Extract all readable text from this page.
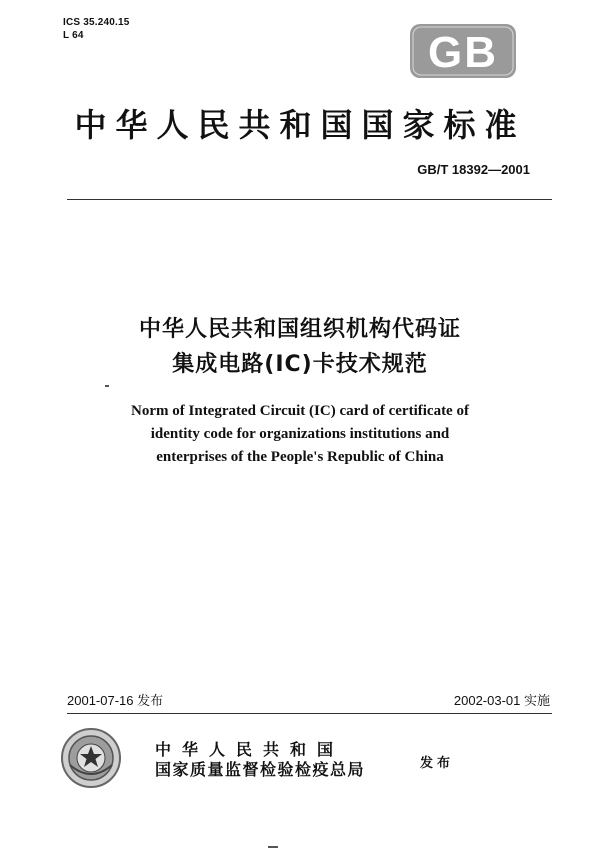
ICS 35.240.15
L 64	GB
中华人民共和国国家标准
GB/T 18392—2001
中华人民共和国组织机构代码证
集成电路(IC)卡技术规范
Norm of Integrated Circuit (IC) card of certificate of
identity code for organizations institutions and
enterprises of the People's Republic of China
2001-07-16 发布	2002-03-01 实施
中华人民共和国
国家质量监督检验检疫总局	发布
